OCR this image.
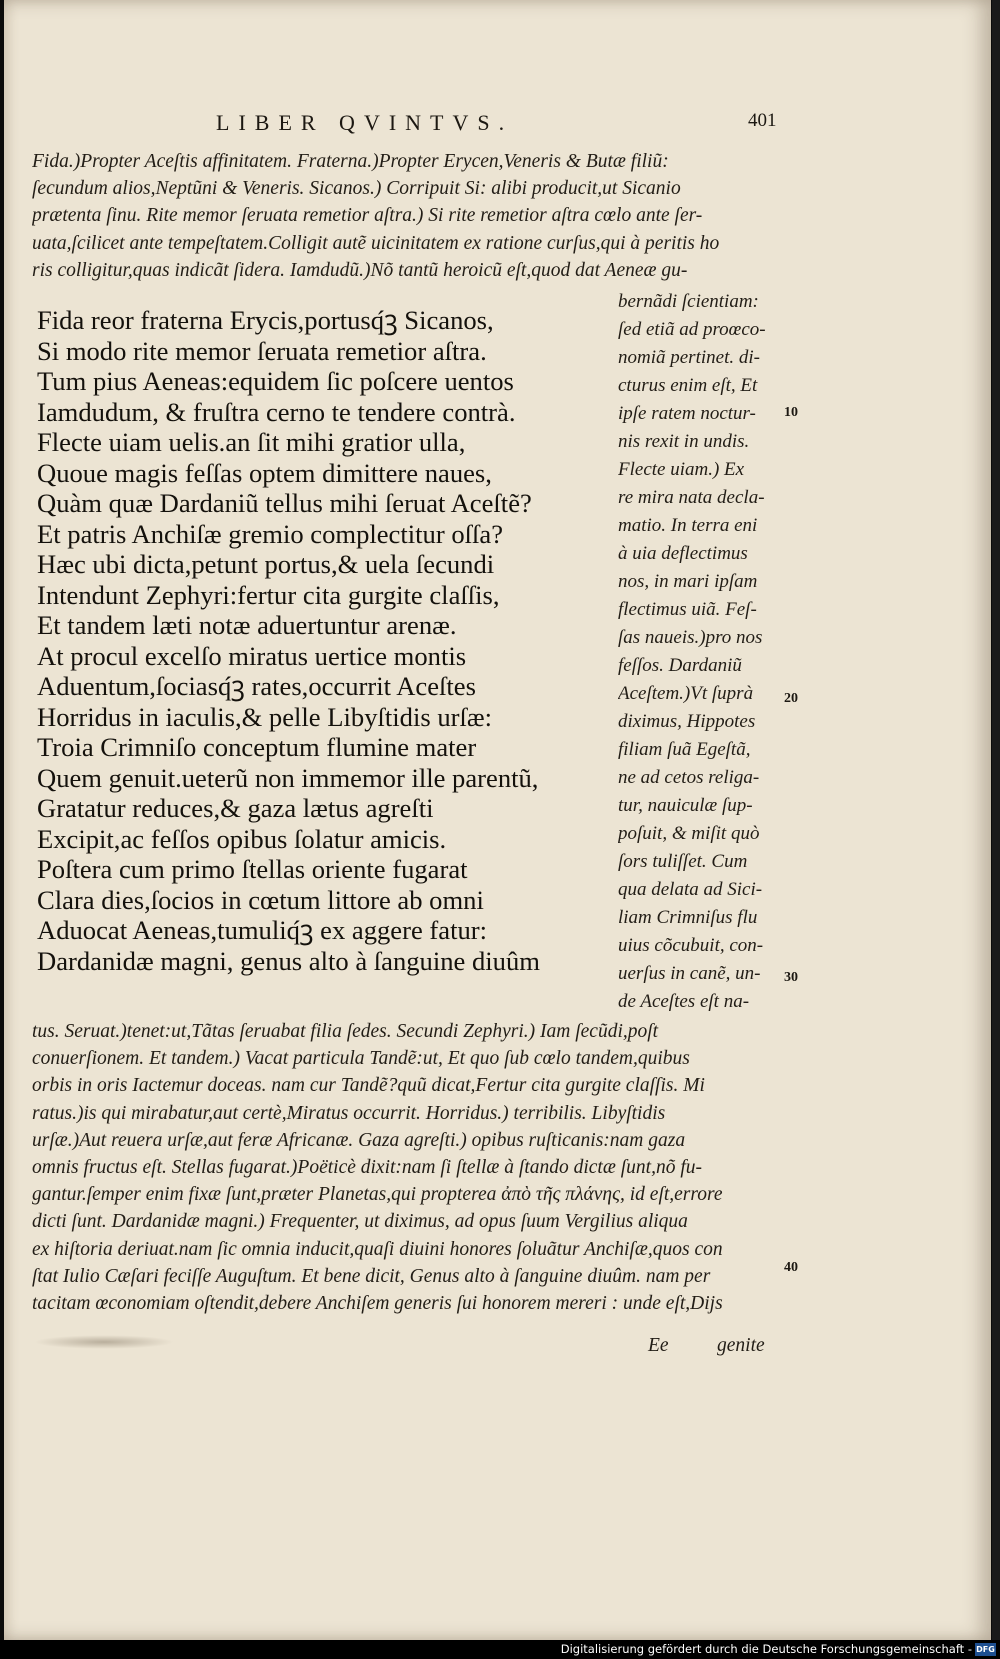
LIBER QVINTVS.	401
Fida.)Propter Aceſtis affinitatem. Fraterna.)Propter Erycen,Veneris & Butæ filiũ:
ſecundum alios,Neptũni & Veneris. Sicanos.) Corripuit Si: alibi producit,ut Sicanio
prætenta ſinu. Rite memor ſeruata remetior aſtra.) Si rite remetior aſtra cœlo ante ſer-
uata,ſcilicet ante tempeſtatem.Colligit autẽ uicinitatem ex ratione curſus,qui à peritis ho
ris colligitur,quas indicãt ſidera. Iamdudũ.)Nõ tantũ heroicũ eſt,quod dat Aeneæ gu-
Fida reor fraterna Erycis,portusq́ꝫ Sicanos,
Si modo rite memor ſeruata remetior aſtra.
Tum pius Aeneas:equidem ſic poſcere uentos
Iamdudum, & fruſtra cerno te tendere contrà.
Flecte uiam uelis.an ſit mihi gratior ulla,
Quoue magis feſſas optem dimittere naues,
Quàm quæ Dardaniũ tellus mihi ſeruat Aceſtẽ?
Et patris Anchiſæ gremio complectitur oſſa?
Hæc ubi dicta,petunt portus,& uela ſecundi
Intendunt Zephyri:fertur cita gurgite claſſis,
Et tandem læti notæ aduertuntur arenæ.
At procul excelſo miratus uertice montis
Aduentum,ſociasq́ꝫ rates,occurrit Aceſtes
Horridus in iaculis,& pelle Libyſtidis urſæ:
Troia Crimniſo conceptum flumine mater
Quem genuit.ueterũ non immemor ille parentũ,
Gratatur reduces,& gaza lætus agreſti
Excipit,ac feſſos opibus ſolatur amicis.
Poſtera cum primo ſtellas oriente fugarat
Clara dies,ſocios in cœtum littore ab omni
Aduocat Aeneas,tumuliq́ꝫ ex aggere fatur:
Dardanidæ magni, genus alto à ſanguine diuûm
bernãdi ſcientiam:
ſed etiã ad proœco-
nomiã pertinet. di-
cturus enim eſt, Et
ipſe ratem noctur-
nis rexit in undis.
Flecte uiam.) Ex
re mira nata decla-
matio. In terra eni
à uia deflectimus
nos, in mari ipſam
flectimus uiã. Feſ-
ſas naueis.)pro nos
feſſos. Dardaniũ
Aceſtem.)Vt ſuprà
diximus, Hippotes
filiam ſuã Egeſtã,
ne ad cetos religa-
tur, nauiculæ ſup-
poſuit, & miſit quò
ſors tuliſſet. Cum
qua delata ad Sici-
liam Crimniſus flu
uius cõcubuit, con-
uerſus in canẽ, un-
de Aceſtes eſt na-
10
20
30
40
tus. Seruat.)tenet:ut,Tãtas ſeruabat filia ſedes. Secundi Zephyri.) Iam ſecũdi,poſt
conuerſionem. Et tandem.) Vacat particula Tandẽ:ut, Et quo ſub cœlo tandem,quibus
orbis in oris Iactemur doceas. nam cur Tandẽ?quũ dicat,Fertur cita gurgite claſſis. Mi
ratus.)is qui mirabatur,aut certè,Miratus occurrit. Horridus.) terribilis. Libyſtidis
urſæ.)Aut reuera urſæ,aut feræ Africanæ. Gaza agreſti.) opibus ruſticanis:nam gaza
omnis fructus eſt. Stellas fugarat.)Poëticè dixit:nam ſi ſtellæ à ſtando dictæ ſunt,nõ fu-
gantur.ſemper enim fixæ ſunt,præter Planetas,qui propterea ἀπὸ τῆς πλάνης, id eſt,errore
dicti ſunt. Dardanidæ magni.) Frequenter, ut diximus, ad opus ſuum Vergilius aliqua
ex hiſtoria deriuat.nam ſic omnia inducit,quaſi diuini honores ſoluãtur Anchiſæ,quos con
ſtat Iulio Cæſari feciſſe Auguſtum. Et bene dicit, Genus alto à ſanguine diuûm. nam per
tacitam œconomiam oſtendit,debere Anchiſem generis ſui honorem mereri : unde eſt,Dijs
Ee genite
Digitalisierung gefördert durch die Deutsche Forschungsgemeinschaft - DFG
